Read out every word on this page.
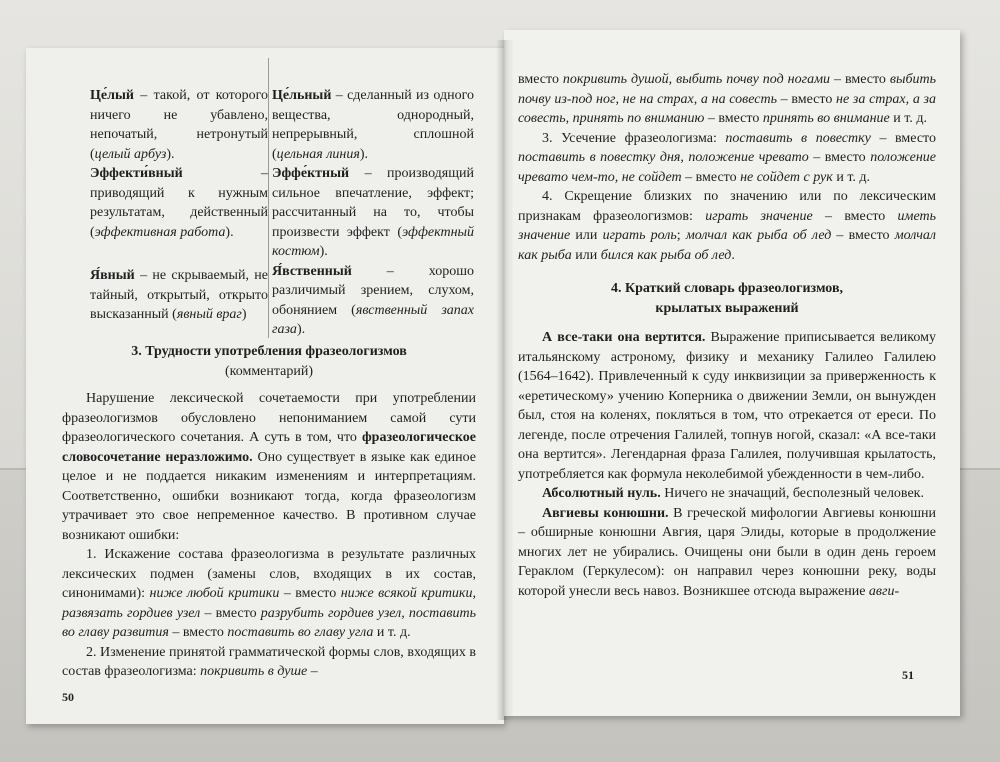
Це́лый – такой, от которого ничего не убавлено, непочатый, нетронутый (целый арбуз).

Эффекти́вный – приводящий к нужным результатам, действенный (эффективная работа).

Я́вный – не скрываемый, не тайный, открытый, открыто высказанный (явный враг)

Це́льный – сделанный из одного вещества, однородный, непрерывный, сплошной (цельная линия).

Эффе́ктный – производящий сильное впечатление, эффект; рассчитанный на то, чтобы произвести эффект (эффектный костюм).

Я́вственный – хорошо различимый зрением, слухом, обонянием (явственный запах газа).

3. Трудности употребления фразеологизмов

(комментарий)

Нарушение лексической сочетаемости при употреблении фразеологизмов обусловлено непониманием самой сути фразеологического сочетания. А суть в том, что фразеологическое словосочетание неразложимо. Оно существует в языке как единое целое и не поддается никаким изменениям и интерпретациям. Соответственно, ошибки возникают тогда, когда фразеологизм утрачивает это свое непременное качество. В противном случае возникают ошибки:

1. Искажение состава фразеологизма в результате различных лексических подмен (замены слов, входящих в их состав, синонимами): ниже любой критики – вместо ниже всякой критики, развязать гордиев узел – вместо разрубить гордиев узел, поставить во главу развития – вместо поставить во главу угла и т. д.

2. Изменение принятой грамматической формы слов, входящих в состав фразеологизма: покривить в душе –

50

вместо покривить душой, выбить почву под ногами – вместо выбить почву из-под ног, не на страх, а на совесть – вместо не за страх, а за совесть, принять по вниманию – вместо принять во внимание и т. д.

3. Усечение фразеологизма: поставить в повестку – вместо поставить в повестку дня, положение чревато – вместо положение чревато чем-то, не сойдет – вместо не сойдет с рук и т. д.

4. Скрещение близких по значению или по лексическим признакам фразеологизмов: играть значение – вместо иметь значение или играть роль; молчал как рыба об лед – вместо молчал как рыба или бился как рыба об лед.

4. Краткий словарь фразеологизмов,
крылатых выражений

А все-таки она вертится. Выражение приписывается великому итальянскому астроному, физику и механику Галилео Галилею (1564–1642). Привлеченный к суду инквизиции за приверженность к «еретическому» учению Коперника о движении Земли, он вынужден был, стоя на коленях, покляться в том, что отрекается от ереси. По легенде, после отречения Галилей, топнув ногой, сказал: «А все-таки она вертится». Легендарная фраза Галилея, получившая крылатость, употребляется как формула неколебимой убежденности в чем-либо.

Абсолютный нуль. Ничего не значащий, бесполезный человек.

Авгиевы конюшни. В греческой мифологии Авгиевы конюшни – обширные конюшни Авгия, царя Элиды, которые в продолжение многих лет не убирались. Очищены они были в один день героем Гераклом (Геркулесом): он направил через конюшни реку, воды которой унесли весь навоз. Возникшее отсюда выражение авги-

51
